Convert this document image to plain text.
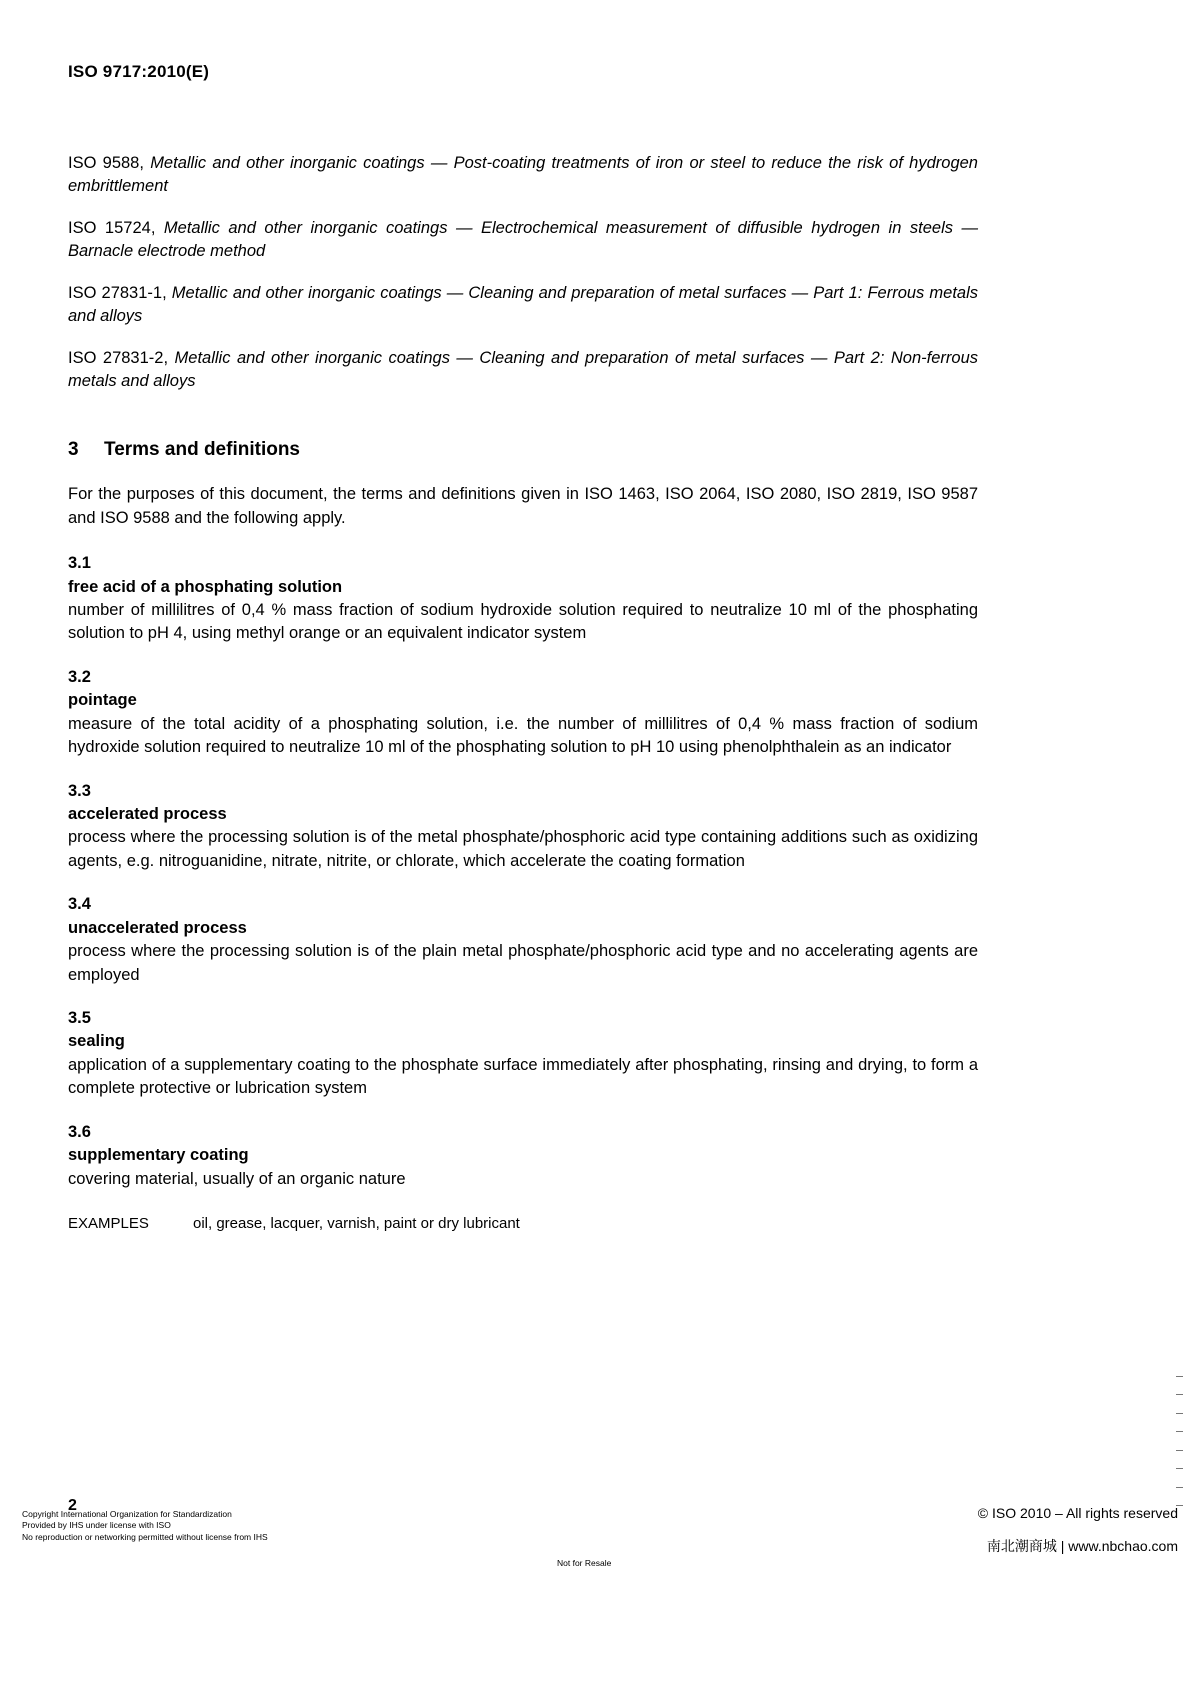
ISO 9717:2010(E)

ISO 9588, Metallic and other inorganic coatings — Post-coating treatments of iron or steel to reduce the risk of hydrogen embrittlement

ISO 15724, Metallic and other inorganic coatings — Electrochemical measurement of diffusible hydrogen in steels — Barnacle electrode method

ISO 27831-1, Metallic and other inorganic coatings — Cleaning and preparation of metal surfaces — Part 1: Ferrous metals and alloys

ISO 27831-2, Metallic and other inorganic coatings — Cleaning and preparation of metal surfaces — Part 2: Non-ferrous metals and alloys

3	Terms and definitions

For the purposes of this document, the terms and definitions given in ISO 1463, ISO 2064, ISO 2080, ISO 2819, ISO 9587 and ISO 9588 and the following apply.

3.1
free acid of a phosphating solution
number of millilitres of 0,4 % mass fraction of sodium hydroxide solution required to neutralize 10 ml of the phosphating solution to pH 4, using methyl orange or an equivalent indicator system
3.2
pointage
measure of the total acidity of a phosphating solution, i.e. the number of millilitres of 0,4 % mass fraction of sodium hydroxide solution required to neutralize 10 ml of the phosphating solution to pH 10 using phenolphthalein as an indicator
3.3
accelerated process
process where the processing solution is of the metal phosphate/phosphoric acid type containing additions such as oxidizing agents, e.g. nitroguanidine, nitrate, nitrite, or chlorate, which accelerate the coating formation
3.4
unaccelerated process
process where the processing solution is of the plain metal phosphate/phosphoric acid type and no accelerating agents are employed
3.5
sealing
application of a supplementary coating to the phosphate surface immediately after phosphating, rinsing and drying, to form a complete protective or lubrication system
3.6
supplementary coating
covering material, usually of an organic nature
EXAMPLES	oil, grease, lacquer, varnish, paint or dry lubricant
2
Copyright International Organization for Standardization
Provided by IHS under license with ISO
No reproduction or networking permitted without license from IHS
Not for Resale
© ISO 2010 – All rights reserved
南北潮商城 | www.nbchao.com
